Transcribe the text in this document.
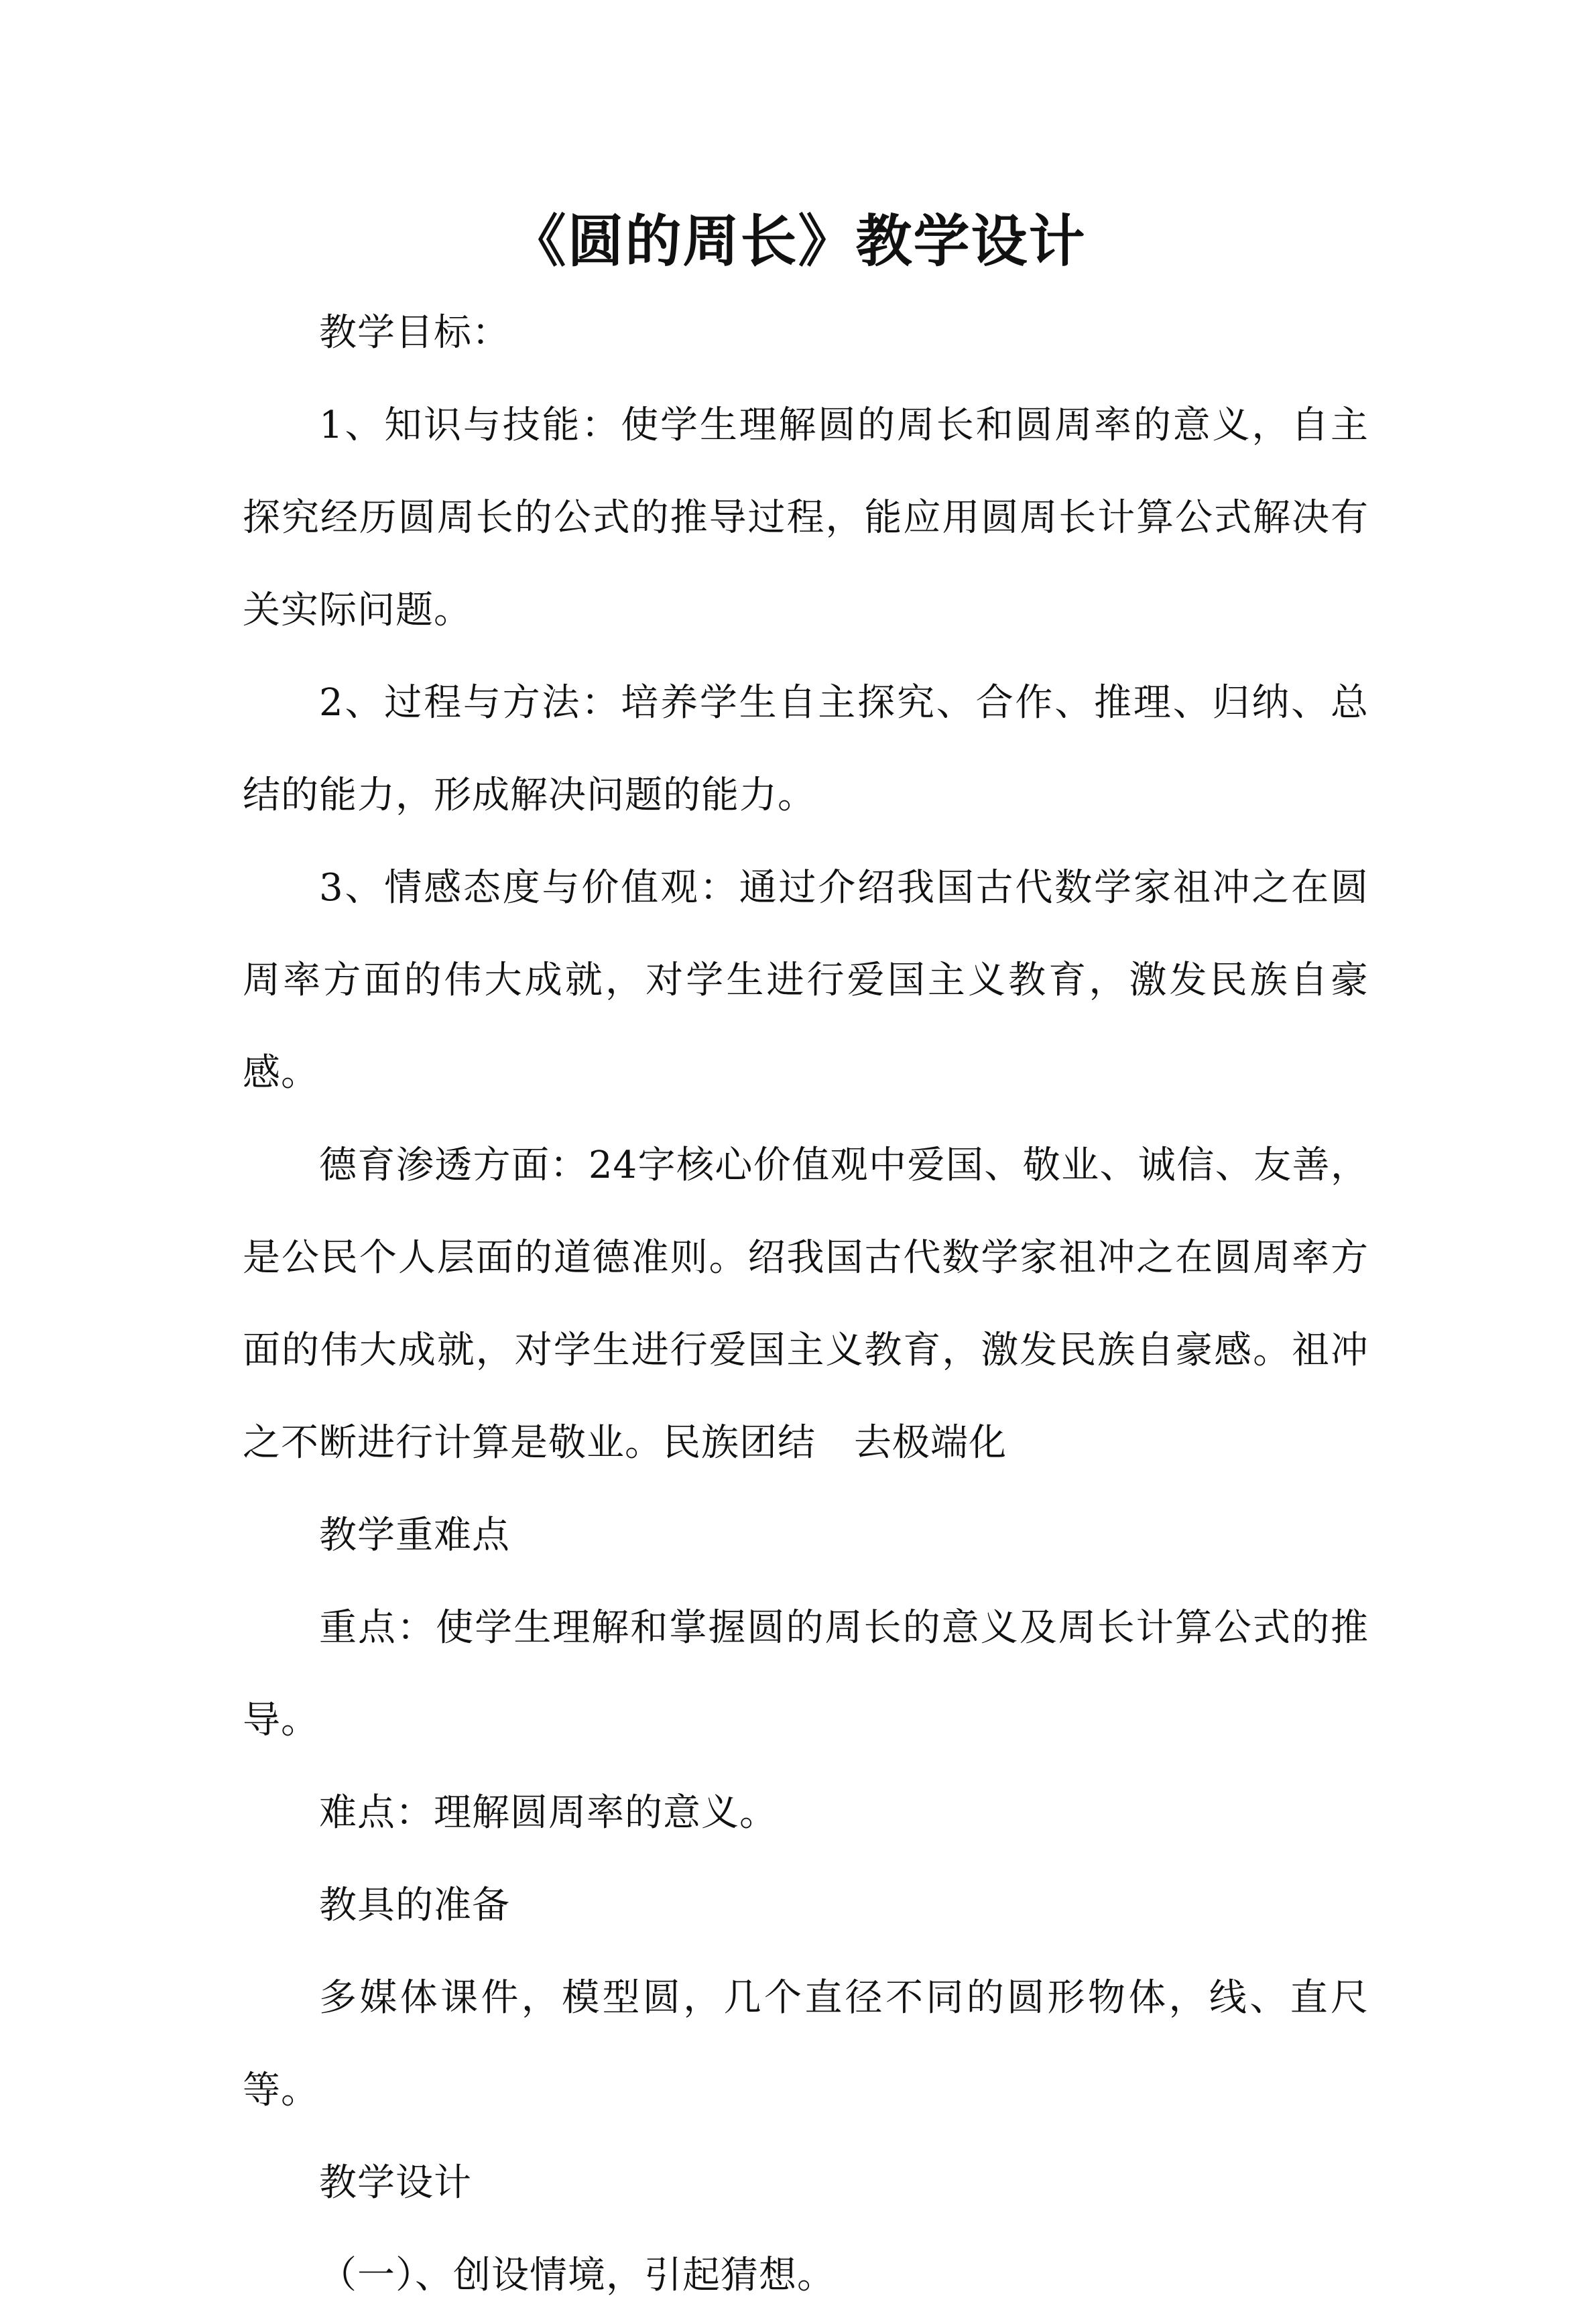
《圆的周长》教学设计

教学目标：

1、知识与技能：使学生理解圆的周长和圆周率的意义，自主探究经历圆周长的公式的推导过程，能应用圆周长计算公式解决有关实际问题。

2、过程与方法：培养学生自主探究、合作、推理、归纳、总结的能力，形成解决问题的能力。

3、情感态度与价值观：通过介绍我国古代数学家祖冲之在圆周率方面的伟大成就，对学生进行爱国主义教育，激发民族自豪感。

德育渗透方面：24字核心价值观中爱国、敬业、诚信、友善，是公民个人层面的道德准则。绍我国古代数学家祖冲之在圆周率方面的伟大成就，对学生进行爱国主义教育，激发民族自豪感。祖冲之不断进行计算是敬业。民族团结　去极端化

教学重难点

重点：使学生理解和掌握圆的周长的意义及周长计算公式的推导。

难点：理解圆周率的意义。

教具的准备

多媒体课件，模型圆，几个直径不同的圆形物体，线、直尺等。

教学设计

（一）、创设情境，引起猜想。
